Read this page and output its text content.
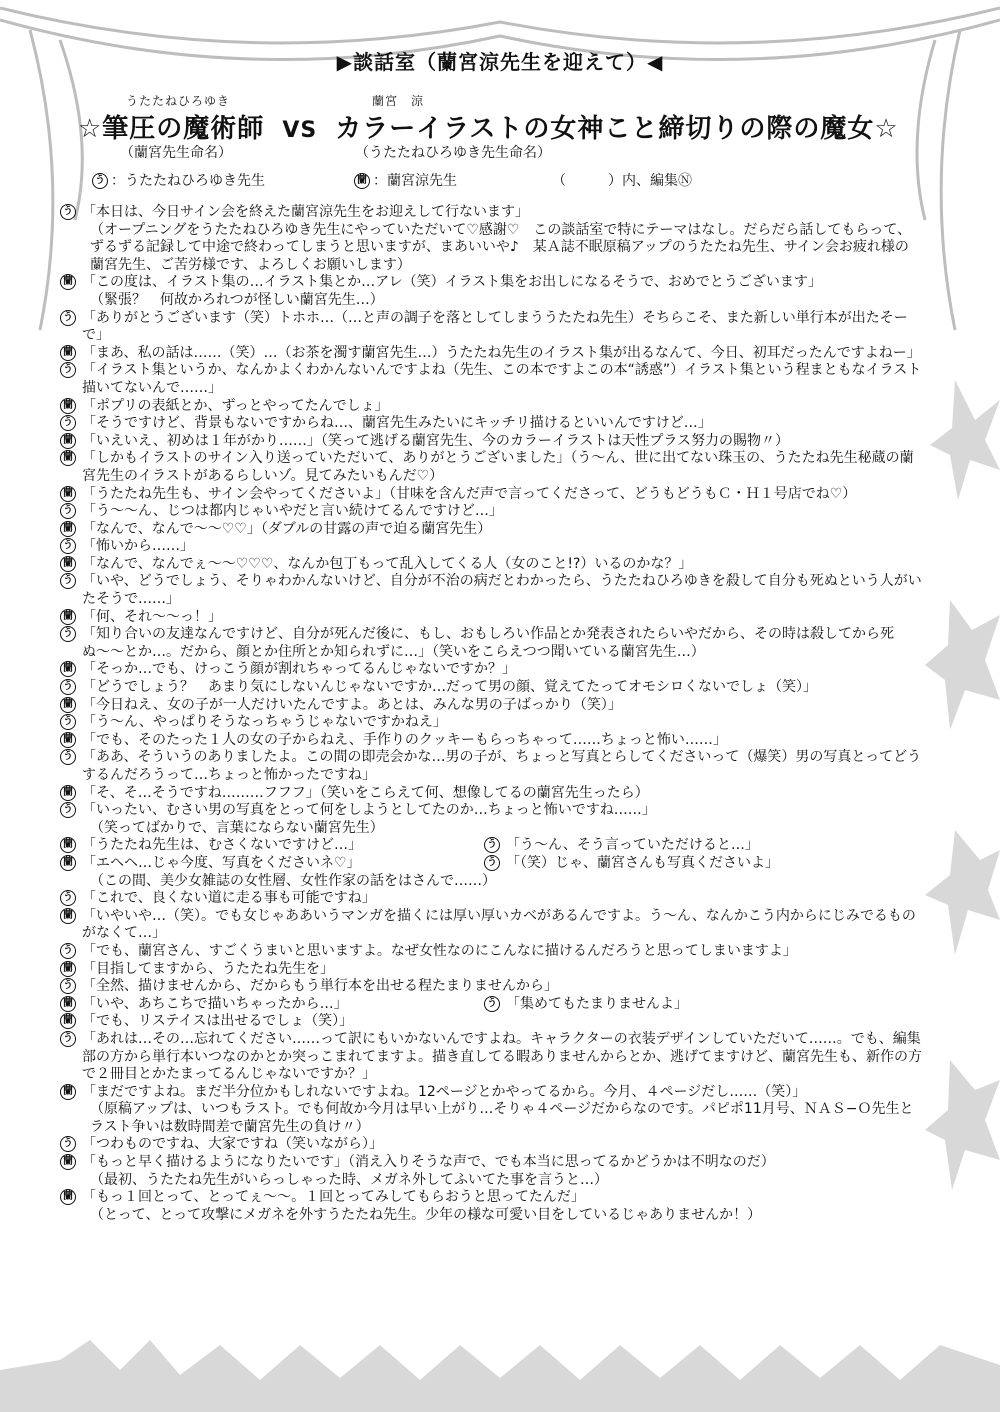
▶談話室（蘭宮涼先生を迎えて）◀
うたたねひろゆき	蘭宮　涼
☆筆圧の魔術師 VS カラーイラストの女神こと締切りの際の魔女☆
（蘭宮先生命名）	（うたたねひろゆき先生命名）
う ：うたたねひろゆき先生	蘭 ：蘭宮涼先生	（　　　）内、編集Ⓝ
う 「本日は、今日サイン会を終えた蘭宮涼先生をお迎えして行ないます」
（オープニングをうたたねひろゆき先生にやっていただいて♡感謝♡　この談話室で特にテーマはなし。だらだら話してもらって、ずるずる記録して中途で終わってしまうと思いますが、まあいいや♪　某Ａ誌不眠原稿アップのうたたね先生、サイン会お疲れ様の蘭宮先生、ご苦労様です、よろしくお願いします）
蘭 「この度は、イラスト集の…イラスト集とか…アレ（笑）イラスト集をお出しになるそうで、おめでとうございます」
（緊張？　何故かろれつが怪しい蘭宮先生…）
う 「ありがとうございます（笑）トホホ…（…と声の調子を落としてしまううたたね先生）そちらこそ、また新しい単行本が出たそーで」
蘭 「まあ、私の話は……（笑）…（お茶を濁す蘭宮先生…）うたたね先生のイラスト集が出るなんて、今日、初耳だったんですよねー」
う 「イラスト集というか、なんかよくわかんないんですよね（先生、この本ですよこの本“誘惑”）イラスト集という程まともなイラスト描いてないんで……」
蘭 「ポプリの表紙とか、ずっとやってたんでしょ」
う 「そうですけど、背景もないですからね…、蘭宮先生みたいにキッチリ描けるといいんですけど…」
蘭 「いえいえ、初めは１年がかり……」（笑って逃げる蘭宮先生、今のカラーイラストは天性プラス努力の賜物〃）
蘭 「しかもイラストのサイン入り送っていただいて、ありがとうございました」（う〜ん、世に出てない珠玉の、うたたね先生秘蔵の蘭宮先生のイラストがあるらしいゾ。見てみたいもんだ♡）
蘭 「うたたね先生も、サイン会やってくださいよ」（甘味を含んだ声で言ってくださって、どうもどうもＣ・Ｈ１号店でね♡）
う 「う〜〜ん、じつは都内じゃいやだと言い続けてるんですけど…」
蘭 「なんで、なんで〜〜♡♡」（ダブルの甘露の声で迫る蘭宮先生）
う 「怖いから……」
蘭 「なんで、なんでぇ〜〜♡♡♡、なんか包丁もって乱入してくる人（女のこと!?）いるのかな？」
う 「いや、どうでしょう、そりゃわかんないけど、自分が不治の病だとわかったら、うたたねひろゆきを殺して自分も死ぬという人がいたそうで……」
蘭 「何、それ〜〜っ！」
う 「知り合いの友達なんですけど、自分が死んだ後に、もし、おもしろい作品とか発表されたらいやだから、その時は殺してから死ぬ〜〜とか…。だから、顔とか住所とか知られずに…」（笑いをこらえつつ聞いている蘭宮先生…）
蘭 「そっか…でも、けっこう顔が割れちゃってるんじゃないですか？」
う 「どうでしょう？　あまり気にしないんじゃないですか…だって男の顔、覚えてたってオモシロくないでしょ（笑）」
蘭 「今日ねえ、女の子が一人だけいたんですよ。あとは、みんな男の子ばっかり（笑）」
う 「う〜ん、やっぱりそうなっちゃうじゃないですかねえ」
蘭 「でも、そのたった１人の女の子からねえ、手作りのクッキーもらっちゃって……ちょっと怖い……」
う 「ああ、そういうのありましたよ。この間の即売会かな…男の子が、ちょっと写真とらしてくださいって（爆笑）男の写真とってどうするんだろうって…ちょっと怖かったですね」
蘭 「そ、そ…そうですね………フフフ」（笑いをこらえて何、想像してるの蘭宮先生ったら）
う 「いったい、むさい男の写真をとって何をしようとしてたのか…ちょっと怖いですね……」
（笑ってばかりで、言葉にならない蘭宮先生）
蘭 「うたたね先生は、むさくないですけど…」	う 「う〜ん、そう言っていただけると…」
蘭 「エヘヘ…じゃ今度、写真をくださいネ♡」	う 「（笑）じゃ、蘭宮さんも写真くださいよ」
（この間、美少女雑誌の女性層、女性作家の話をはさんで……）
う 「これで、良くない道に走る事も可能ですね」
蘭 「いやいや…（笑）。でも女じゃああいうマンガを描くには厚い厚いカベがあるんですよ。う〜ん、なんかこう内からにじみでるものがなくて…」
う 「でも、蘭宮さん、すごくうまいと思いますよ。なぜ女性なのにこんなに描けるんだろうと思ってしまいますよ」
蘭 「目指してますから、うたたね先生を」
う 「全然、描けませんから、だからもう単行本を出せる程たまりませんから」
蘭 「いや、あちこちで描いちゃったから…」	う 「集めてもたまりませんよ」
蘭 「でも、リステイスは出せるでしょ（笑）」
う 「あれは…その…忘れてください……って訳にもいかないんですよね。キャラクターの衣装デザインしていただいて……。でも、編集部の方から単行本いつなのかとか突っこまれてますよ。描き直してる暇ありませんからとか、逃げてますけど、蘭宮先生も、新作の方で２冊目とかたまってるんじゃないですか？」
蘭 「まだですよね。まだ半分位かもしれないですよね。12ページとかやってるから。今月、４ページだし……（笑）」
（原稿アップは、いつもラスト。でも何故か今月は早い上がり…そりゃ４ページだからなのです。パピポ11月号、ＮＡＳ−Ｏ先生とラスト争いは数時間差で蘭宮先生の負け〃）
う 「つわものですね、大家ですね（笑いながら）」
蘭 「もっと早く描けるようになりたいです」（消え入りそうな声で、でも本当に思ってるかどうかは不明なのだ）
（最初、うたたね先生がいらっしゃった時、メガネ外してふいてた事を言うと…）
蘭 「もっ１回とって、とってぇ〜〜。１回とってみしてもらおうと思ってたんだ」
（とって、とって攻撃にメガネを外すうたたね先生。少年の様な可愛い目をしているじゃありませんか！）
